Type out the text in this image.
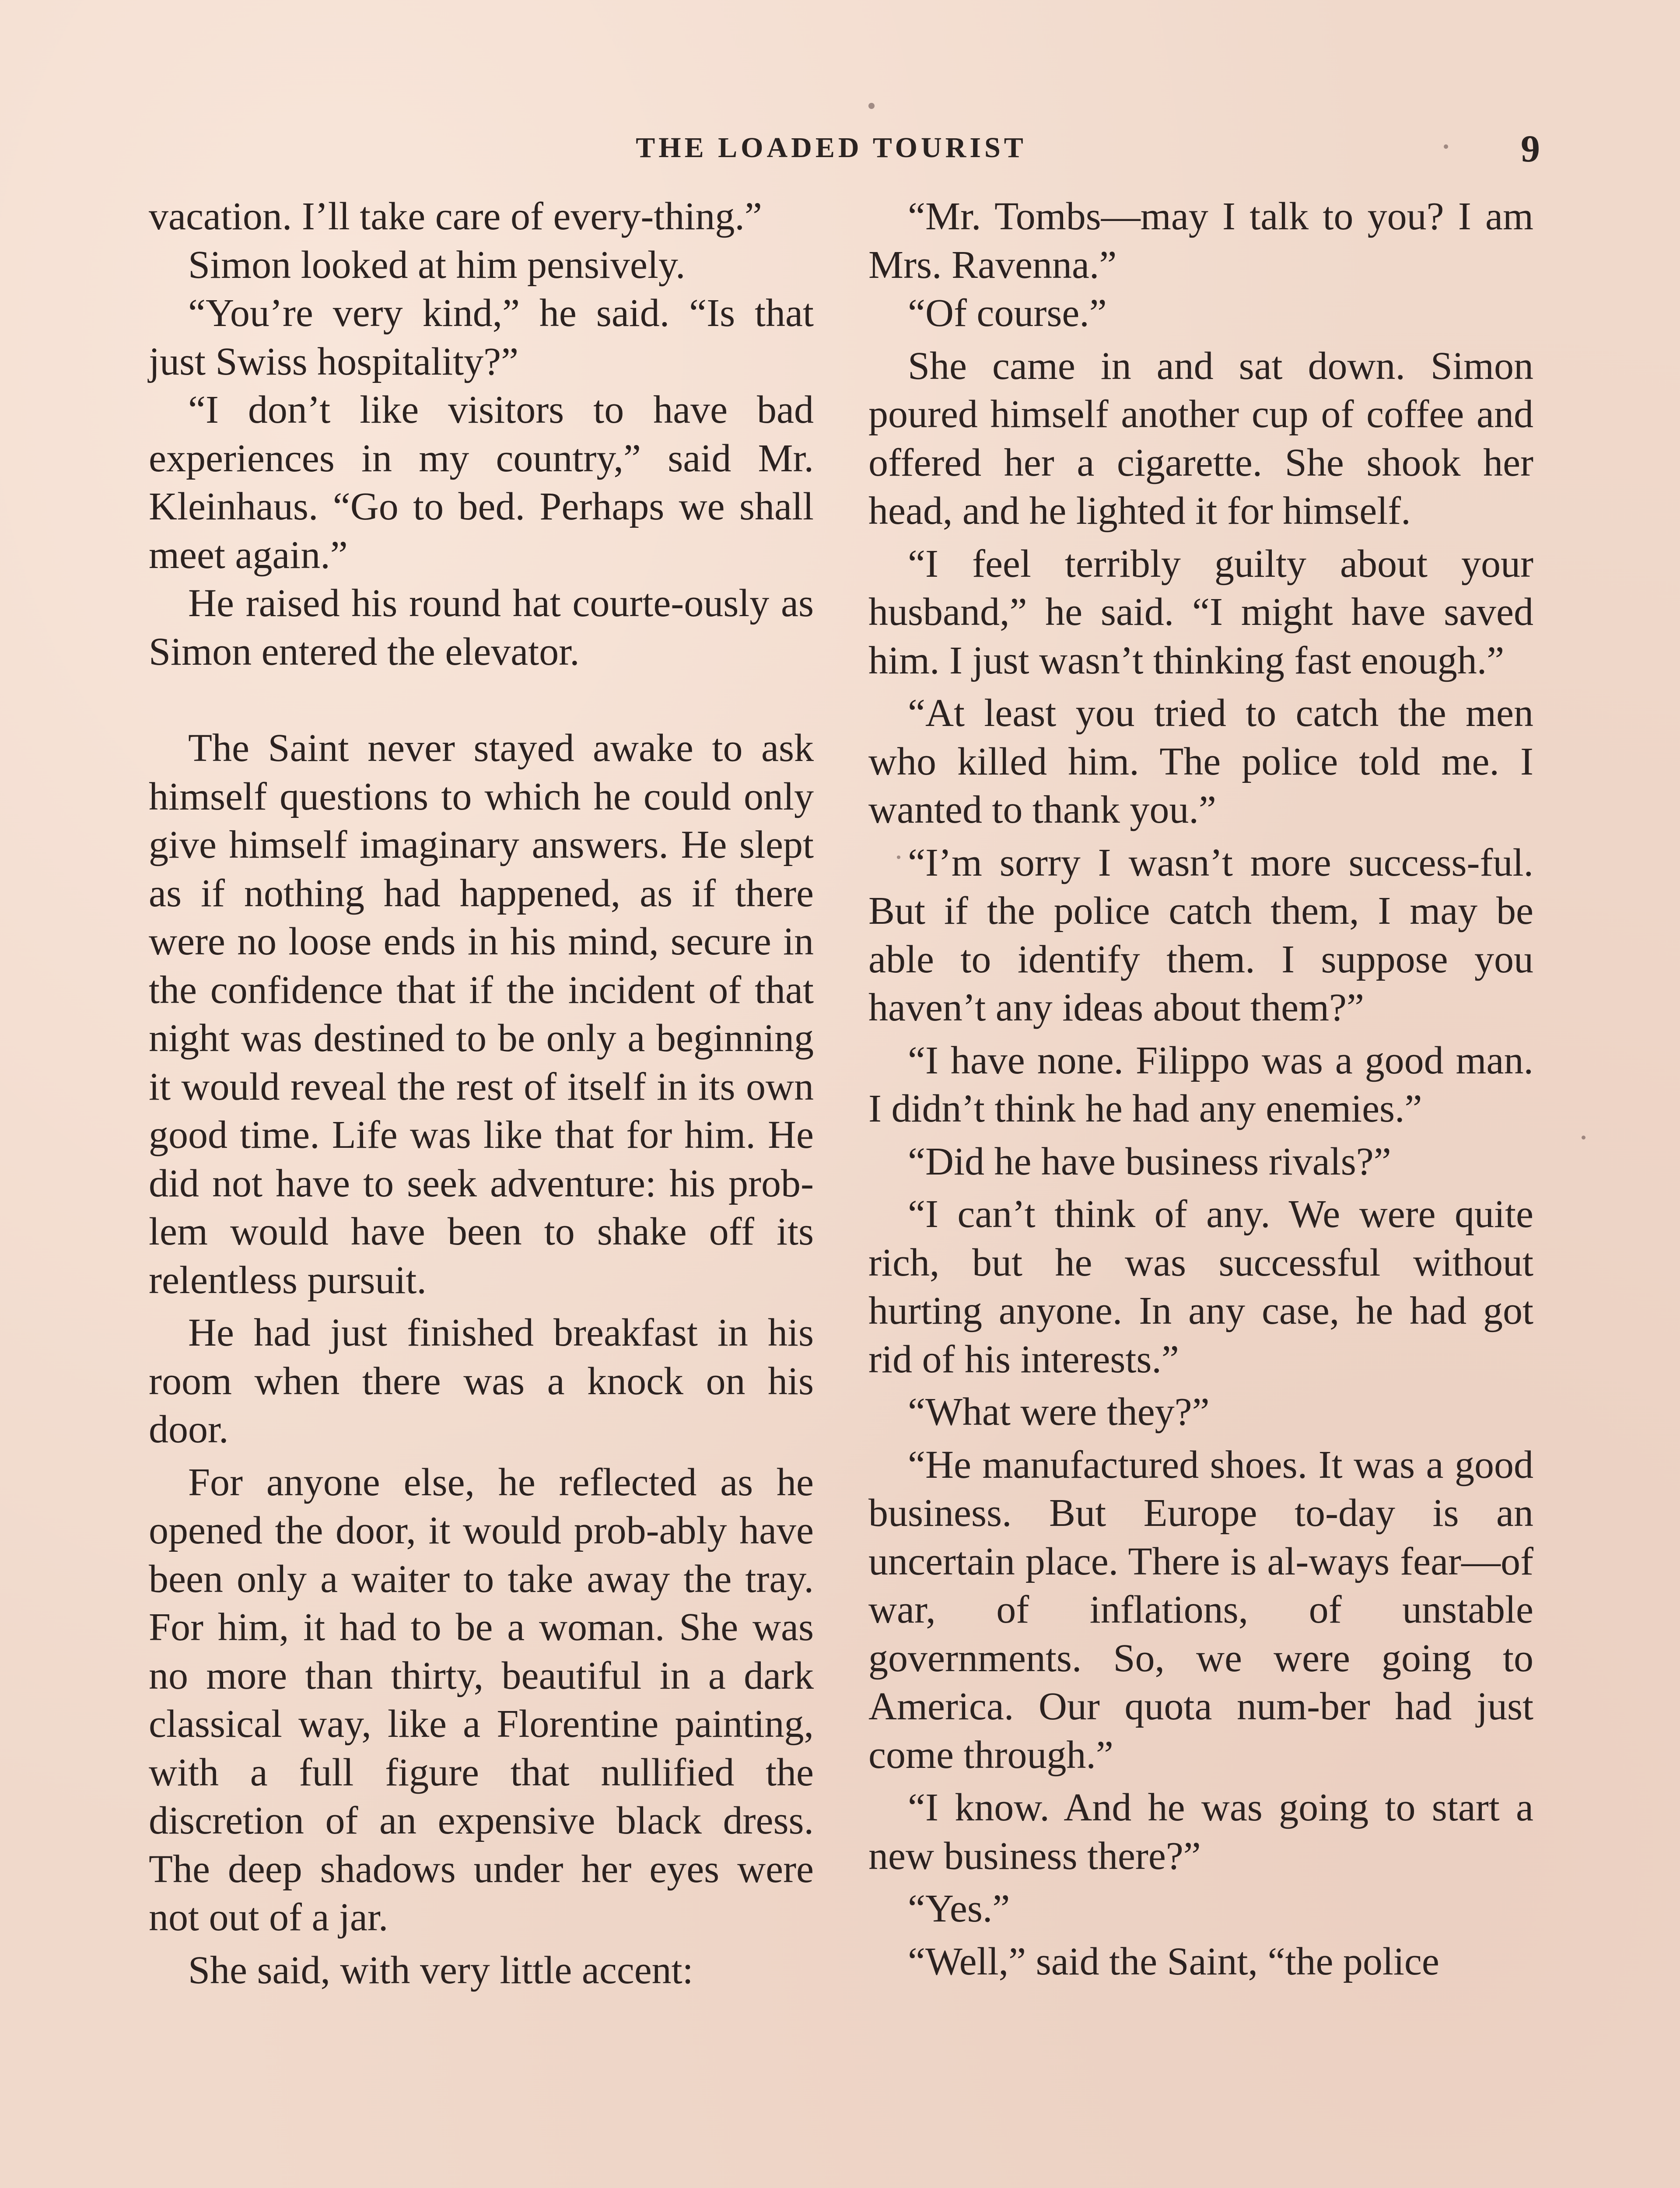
THE LOADED TOURIST	9

vacation. I’ll take care of every-thing.”

Simon looked at him pensively.

“You’re very kind,” he said. “Is that just Swiss hospitality?”

“I don’t like visitors to have bad experiences in my country,” said Mr. Kleinhaus. “Go to bed. Perhaps we shall meet again.”

He raised his round hat courte-ously as Simon entered the elevator.

The Saint never stayed awake to ask himself questions to which he could only give himself imaginary answers. He slept as if nothing had happened, as if there were no loose ends in his mind, secure in the confidence that if the incident of that night was destined to be only a beginning it would reveal the rest of itself in its own good time. Life was like that for him. He did not have to seek adventure: his prob-lem would have been to shake off its relentless pursuit.

He had just finished breakfast in his room when there was a knock on his door.

For anyone else, he reflected as he opened the door, it would prob-ably have been only a waiter to take away the tray. For him, it had to be a woman. She was no more than thirty, beautiful in a dark classical way, like a Florentine painting, with a full figure that nullified the discretion of an expensive black dress. The deep shadows under her eyes were not out of a jar.

She said, with very little accent:

“Mr. Tombs—may I talk to you? I am Mrs. Ravenna.”

“Of course.”

She came in and sat down. Simon poured himself another cup of coffee and offered her a cigarette. She shook her head, and he lighted it for himself.

“I feel terribly guilty about your husband,” he said. “I might have saved him. I just wasn’t thinking fast enough.”

“At least you tried to catch the men who killed him. The police told me. I wanted to thank you.”

“I’m sorry I wasn’t more success-ful. But if the police catch them, I may be able to identify them. I suppose you haven’t any ideas about them?”

“I have none. Filippo was a good man. I didn’t think he had any enemies.”

“Did he have business rivals?”

“I can’t think of any. We were quite rich, but he was successful without hurting anyone. In any case, he had got rid of his interests.”

“What were they?”

“He manufactured shoes. It was a good business. But Europe to-day is an uncertain place. There is al-ways fear—of war, of inflations, of unstable governments. So, we were going to America. Our quota num-ber had just come through.”

“I know. And he was going to start a new business there?”

“Yes.”

“Well,” said the Saint, “the police
